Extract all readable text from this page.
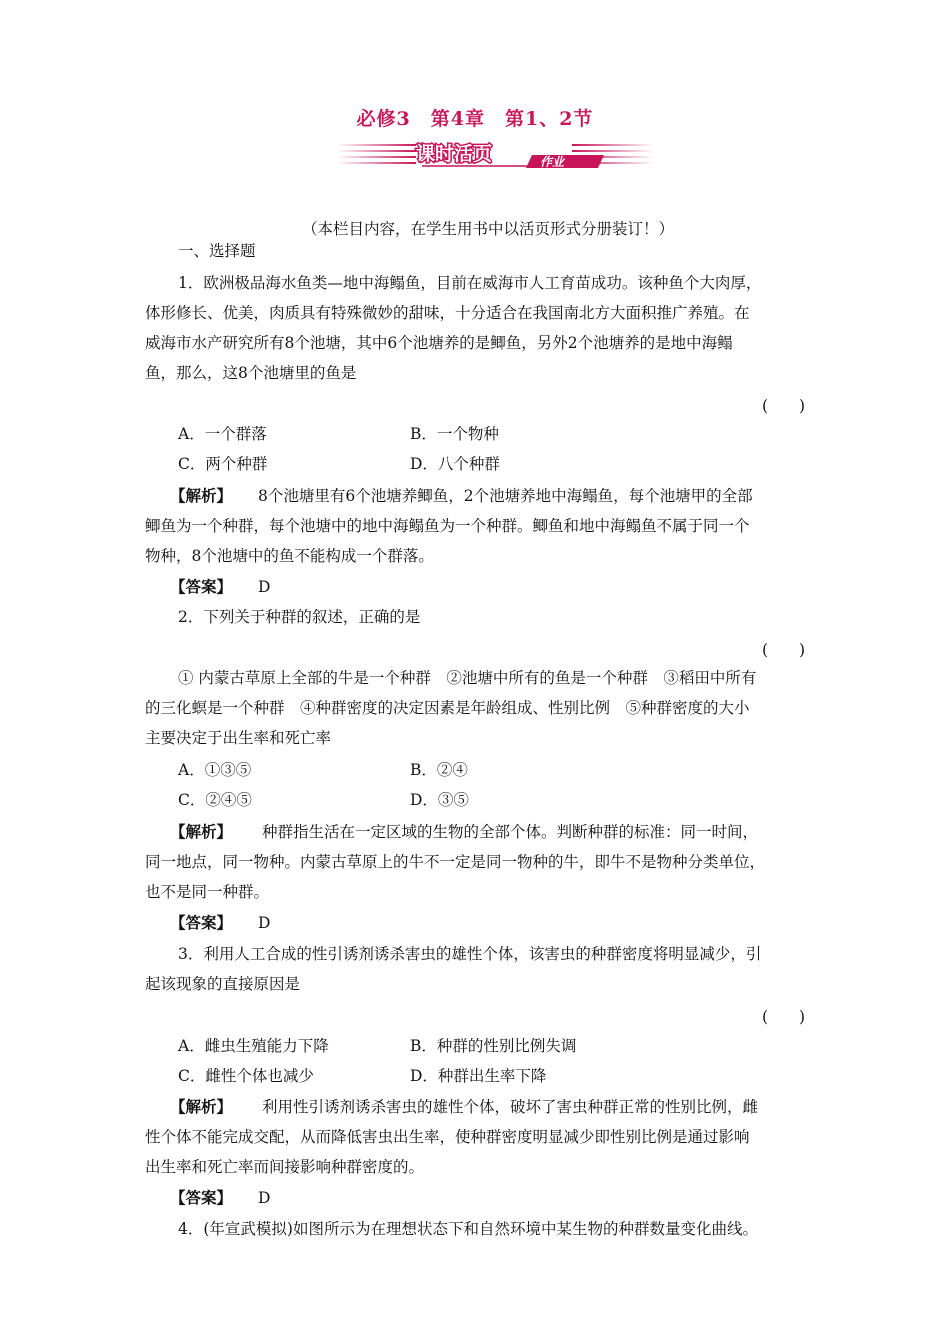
必修3　第4章　第1、2节
课时活页	作业
（本栏目内容，在学生用书中以活页形式分册装订！）
一、选择题
1．欧洲极品海水鱼类—地中海鳎鱼，目前在威海市人工育苗成功。该种鱼个大肉厚，
体形修长、优美，肉质具有特殊微妙的甜味，十分适合在我国南北方大面积推广养殖。在
威海市水产研究所有8个池塘，其中6个池塘养的是鲫鱼，另外2个池塘养的是地中海鳎
鱼，那么，这8个池塘里的鱼是
(　　)
A．一个群落	B．一个物种
C．两个种群	D．八个种群
【解析】 8个池塘里有6个池塘养鲫鱼，2个池塘养地中海鳎鱼，每个池塘甲的全部
鲫鱼为一个种群，每个池塘中的地中海鳎鱼为一个种群。鲫鱼和地中海鳎鱼不属于同一个
物种，8个池塘中的鱼不能构成一个群落。
【答案】 D
2．下列关于种群的叙述，正确的是
(　　)
① 内蒙古草原上全部的牛是一个种群　②池塘中所有的鱼是一个种群　③稻田中所有
的三化螟是一个种群　④种群密度的决定因素是年龄组成、性别比例　⑤种群密度的大小
主要决定于出生率和死亡率
A．①③⑤	B．②④
C．②④⑤	D．③⑤
【解析】 种群指生活在一定区域的生物的全部个体。判断种群的标准：同一时间，
同一地点，同一物种。内蒙古草原上的牛不一定是同一物种的牛，即牛不是物种分类单位，
也不是同一种群。
【答案】 D
3．利用人工合成的性引诱剂诱杀害虫的雄性个体，该害虫的种群密度将明显减少，引
起该现象的直接原因是
(　　)
A．雌虫生殖能力下降	B．种群的性别比例失调
C．雌性个体也减少	D．种群出生率下降
【解析】 利用性引诱剂诱杀害虫的雄性个体，破坏了害虫种群正常的性别比例，雌
性个体不能完成交配，从而降低害虫出生率，使种群密度明显减少即性别比例是通过影响
出生率和死亡率而间接影响种群密度的。
【答案】 D
4．(年宣武模拟)如图所示为在理想状态下和自然环境中某生物的种群数量变化曲线。
